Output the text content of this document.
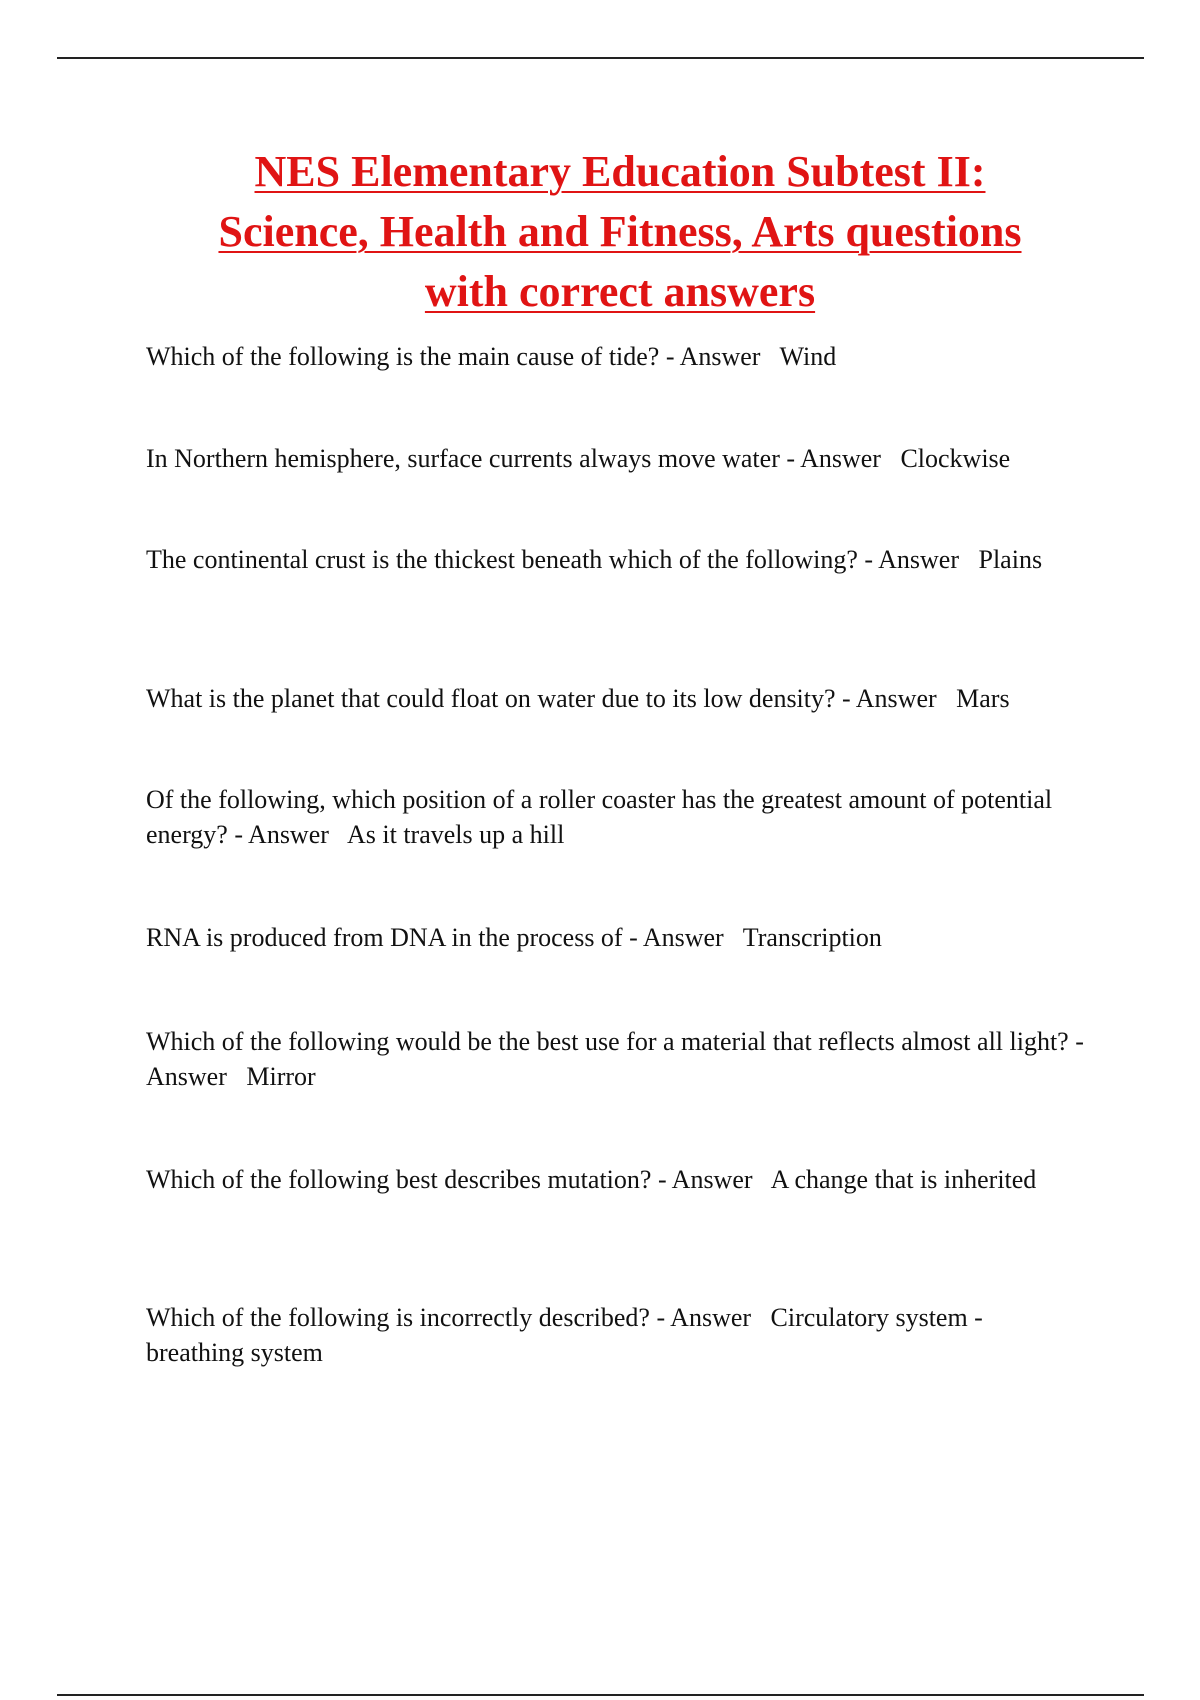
NES Elementary Education Subtest II:
Science, Health and Fitness, Arts questions
with correct answers

Which of the following is the main cause of tide? - Answer Wind

In Northern hemisphere, surface currents always move water - Answer Clockwise

The continental crust is the thickest beneath which of the following? - Answer Plains

What is the planet that could float on water due to its low density? - Answer Mars

Of the following, which position of a roller coaster has the greatest amount of potential energy? - Answer As it travels up a hill

RNA is produced from DNA in the process of - Answer Transcription

Which of the following would be the best use for a material that reflects almost all light? - Answer Mirror

Which of the following best describes mutation? - Answer A change that is inherited

Which of the following is incorrectly described? - Answer Circulatory system - breathing system
